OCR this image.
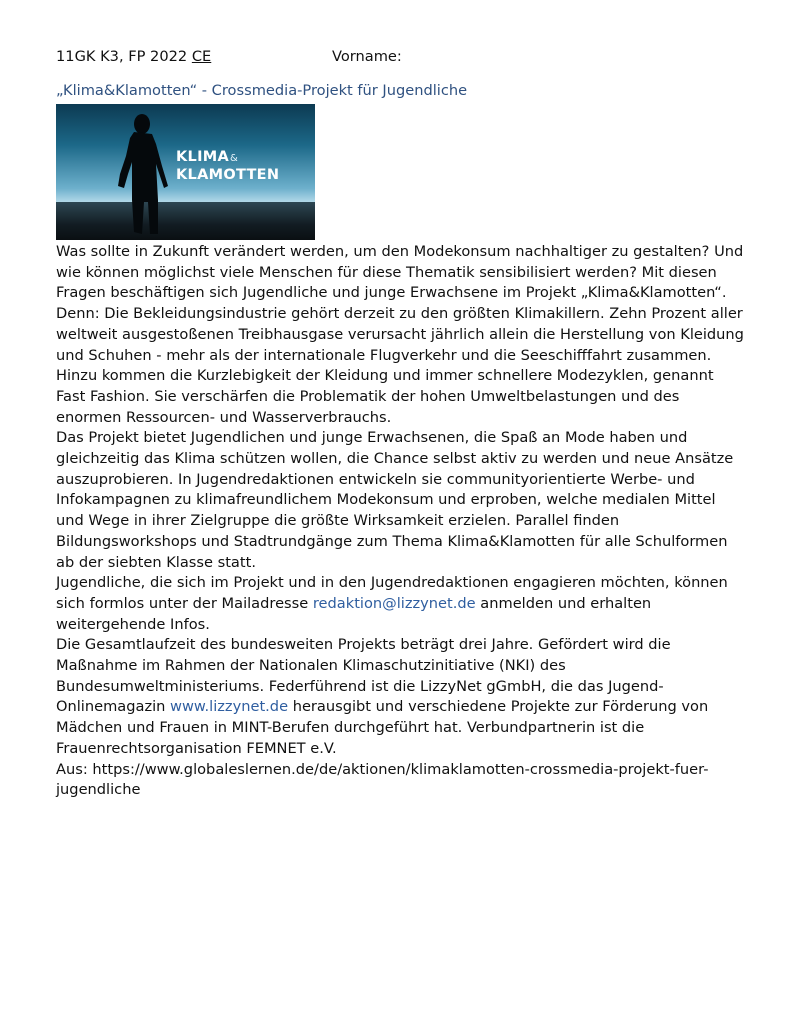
11GK K3, FP 2022 CE	Vorname:
„Klima&Klamotten“ - Crossmedia-Projekt für Jugendliche
KLIMA&
KLAMOTTEN

Was sollte in Zukunft verändert werden, um den Modekonsum nachhaltiger zu gestalten? Und wie können möglichst viele Menschen für diese Thematik sensibilisiert werden? Mit diesen Fragen beschäftigen sich Jugendliche und junge Erwachsene im Projekt „Klima&Klamotten“. Denn: Die Bekleidungsindustrie gehört derzeit zu den größten Klimakillern. Zehn Prozent aller weltweit ausgestoßenen Treibhausgase verursacht jährlich allein die Herstellung von Kleidung und Schuhen - mehr als der internationale Flugverkehr und die Seeschifffahrt zusammen. Hinzu kommen die Kurzlebigkeit der Kleidung und immer schnellere Modezyklen, genannt Fast Fashion. Sie verschärfen die Problematik der hohen Umweltbelastungen und des enormen Ressourcen- und Wasserverbrauchs.

Das Projekt bietet Jugendlichen und junge Erwachsenen, die Spaß an Mode haben und gleichzeitig das Klima schützen wollen, die Chance selbst aktiv zu werden und neue Ansätze auszuprobieren. In Jugendredaktionen entwickeln sie communityorientierte Werbe- und Infokampagnen zu klimafreundlichem Modekonsum und erproben, welche medialen Mittel und Wege in ihrer Zielgruppe die größte Wirksamkeit erzielen. Parallel finden Bildungsworkshops und Stadtrundgänge zum Thema Klima&Klamotten für alle Schulformen ab der siebten Klasse statt.

Jugendliche, die sich im Projekt und in den Jugendredaktionen engagieren möchten, können sich formlos unter der Mailadresse redaktion@lizzynet.de anmelden und erhalten weitergehende Infos.

Die Gesamtlaufzeit des bundesweiten Projekts beträgt drei Jahre. Gefördert wird die Maßnahme im Rahmen der Nationalen Klimaschutzinitiative (NKI) des Bundesumweltministeriums. Federführend ist die LizzyNet gGmbH, die das Jugend-Onlinemagazin www.lizzynet.de herausgibt und verschiedene Projekte zur Förderung von Mädchen und Frauen in MINT-Berufen durchgeführt hat. Verbundpartnerin ist die Frauenrechtsorganisation FEMNET e.V.

Aus: https://www.globaleslernen.de/de/aktionen/klimaklamotten-crossmedia-projekt-fuer-jugendliche
